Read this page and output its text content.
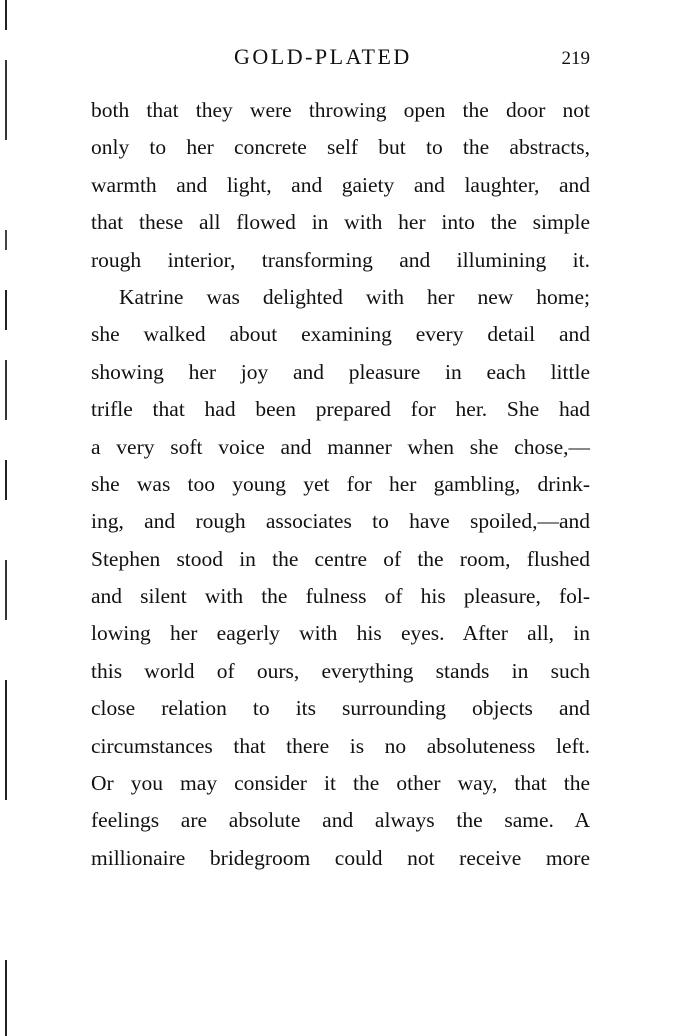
GOLD-PLATED	219
both that they were throwing open the door not
only to her concrete self but to the abstracts,
warmth and light, and gaiety and laughter, and
that these all flowed in with her into the simple
rough interior, transforming and illumining it.
Katrine was delighted with her new home;
she walked about examining every detail and
showing her joy and pleasure in each little
trifle that had been prepared for her. She had
a very soft voice and manner when she chose,—
she was too young yet for her gambling, drink-
ing, and rough associates to have spoiled,—and
Stephen stood in the centre of the room, flushed
and silent with the fulness of his pleasure, fol-
lowing her eagerly with his eyes. After all, in
this world of ours, everything stands in such
close relation to its surrounding objects and
circumstances that there is no absoluteness left.
Or you may consider it the other way, that the
feelings are absolute and always the same. A
millionaire bridegroom could not receive more
